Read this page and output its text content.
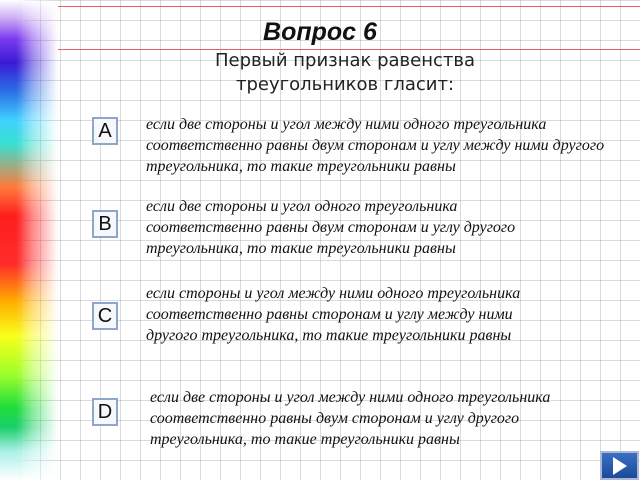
Вопрос 6
Первый признак равенства треугольников гласит:
A	если две стороны и угол между ними одного треугольника соответственно равны двум сторонам и углу между ними другого треугольника, то такие треугольники равны
B
если две стороны и угол одного треугольника соответственно равны двум сторонам и углу другого треугольника, то такие треугольники равны
C
если стороны и угол между ними одного треугольника соответственно равны сторонам и углу между ними другого треугольника, то такие треугольники равны
D
если две стороны и угол между ними одного треугольника соответственно равны двум сторонам и углу другого треугольника, то такие треугольники равны
